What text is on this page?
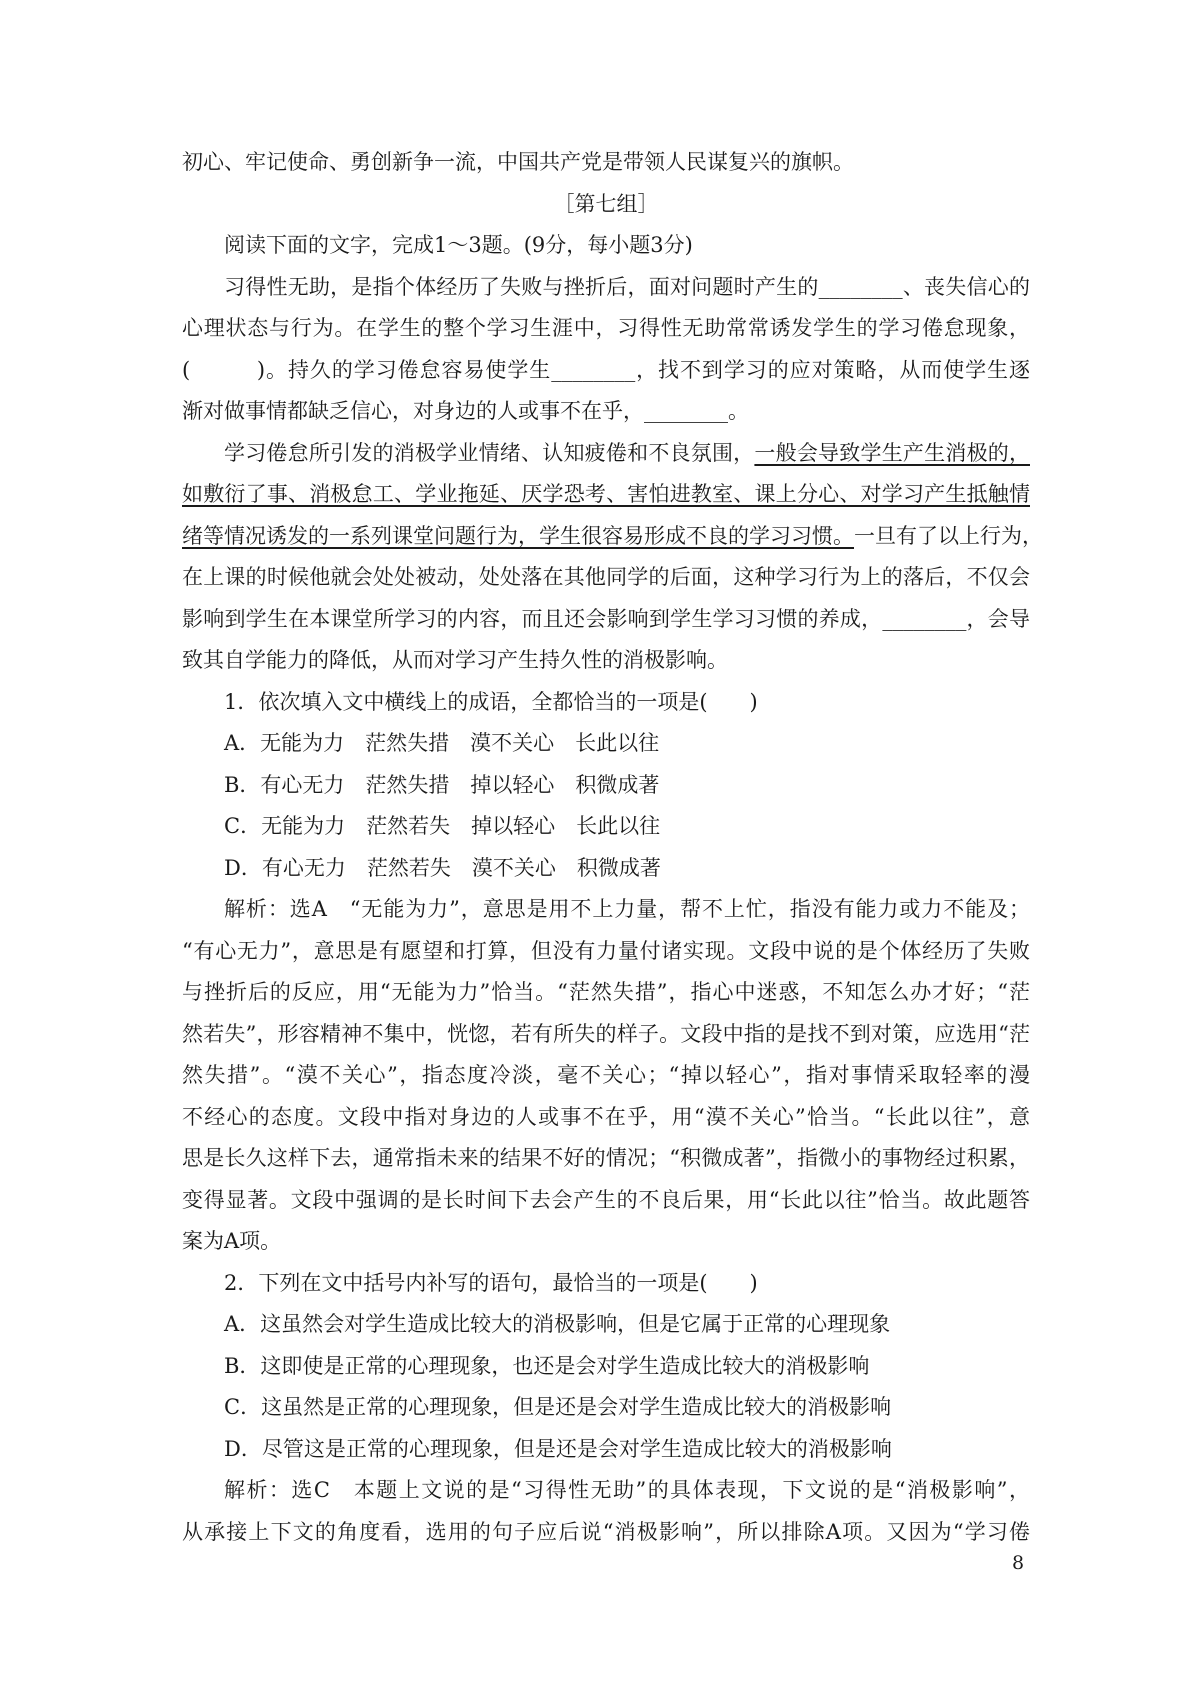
初心、牢记使命、勇创新争一流，中国共产党是带领人民谋复兴的旗帜。
［第七组］
阅读下面的文字，完成1～3题。(9分，每小题3分)
习得性无助，是指个体经历了失败与挫折后，面对问题时产生的________、丧失信心的
心理状态与行为。在学生的整个学习生涯中，习得性无助常常诱发学生的学习倦怠现象，
(　　　)。持久的学习倦怠容易使学生________，找不到学习的应对策略，从而使学生逐
渐对做事情都缺乏信心，对身边的人或事不在乎，________。
学习倦怠所引发的消极学业情绪、认知疲倦和不良氛围，一般会导致学生产生消极的，
如敷衍了事、消极怠工、学业拖延、厌学恐考、害怕进教室、课上分心、对学习产生抵触情
绪等情况诱发的一系列课堂问题行为，学生很容易形成不良的学习习惯。一旦有了以上行为，
在上课的时候他就会处处被动，处处落在其他同学的后面，这种学习行为上的落后，不仅会
影响到学生在本课堂所学习的内容，而且还会影响到学生学习习惯的养成，________，会导
致其自学能力的降低，从而对学习产生持久性的消极影响。
1．依次填入文中横线上的成语，全都恰当的一项是(　　)
A．无能为力　茫然失措　漠不关心　长此以往
B．有心无力　茫然失措　掉以轻心　积微成著
C．无能为力　茫然若失　掉以轻心　长此以往
D．有心无力　茫然若失　漠不关心　积微成著
解析：选A　“无能为力”，意思是用不上力量，帮不上忙，指没有能力或力不能及；
“有心无力”，意思是有愿望和打算，但没有力量付诸实现。文段中说的是个体经历了失败
与挫折后的反应，用“无能为力”恰当。“茫然失措”，指心中迷惑，不知怎么办才好；“茫
然若失”，形容精神不集中，恍惚，若有所失的样子。文段中指的是找不到对策，应选用“茫
然失措”。“漠不关心”，指态度冷淡，毫不关心；“掉以轻心”，指对事情采取轻率的漫
不经心的态度。文段中指对身边的人或事不在乎，用“漠不关心”恰当。“长此以往”，意
思是长久这样下去，通常指未来的结果不好的情况；“积微成著”，指微小的事物经过积累，
变得显著。文段中强调的是长时间下去会产生的不良后果，用“长此以往”恰当。故此题答
案为A项。
2．下列在文中括号内补写的语句，最恰当的一项是(　　)
A．这虽然会对学生造成比较大的消极影响，但是它属于正常的心理现象
B．这即使是正常的心理现象，也还是会对学生造成比较大的消极影响
C．这虽然是正常的心理现象，但是还是会对学生造成比较大的消极影响
D．尽管这是正常的心理现象，但是还是会对学生造成比较大的消极影响
解析：选C　本题上文说的是“习得性无助”的具体表现，下文说的是“消极影响”，
从承接上下文的角度看，选用的句子应后说“消极影响”，所以排除A项。又因为“学习倦
8
